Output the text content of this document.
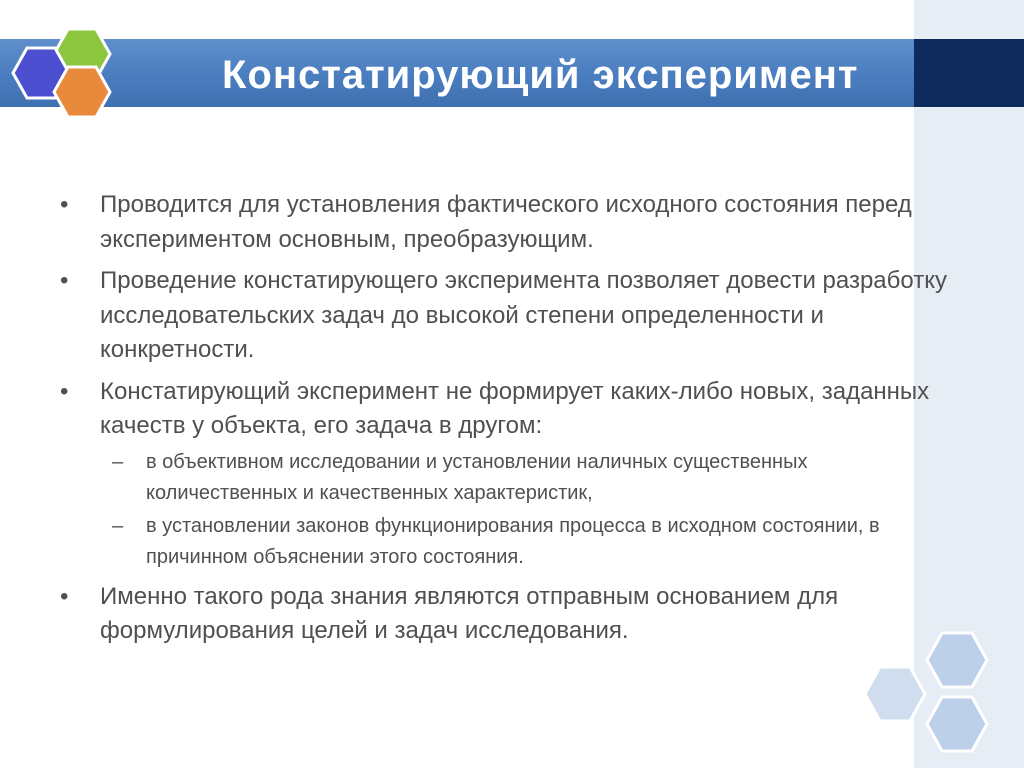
Констатирующий эксперимент
•	Проводится для установления фактического исходного состояния перед экспериментом основным, преобразующим.
•	Проведение констатирующего эксперимента позволяет довести разработку исследовательских задач до высокой степени определенности и конкретности.
•	Констатирующий эксперимент не формирует каких-либо новых, заданных качеств у объекта, его задача в другом:
– в объективном исследовании и установлении наличных существенных количественных и качественных характеристик,
– в установлении законов функционирования процесса в исходном состоянии, в причинном объяснении этого состояния.
•	Именно такого рода знания являются отправным основанием для формулирования целей и задач исследования.
